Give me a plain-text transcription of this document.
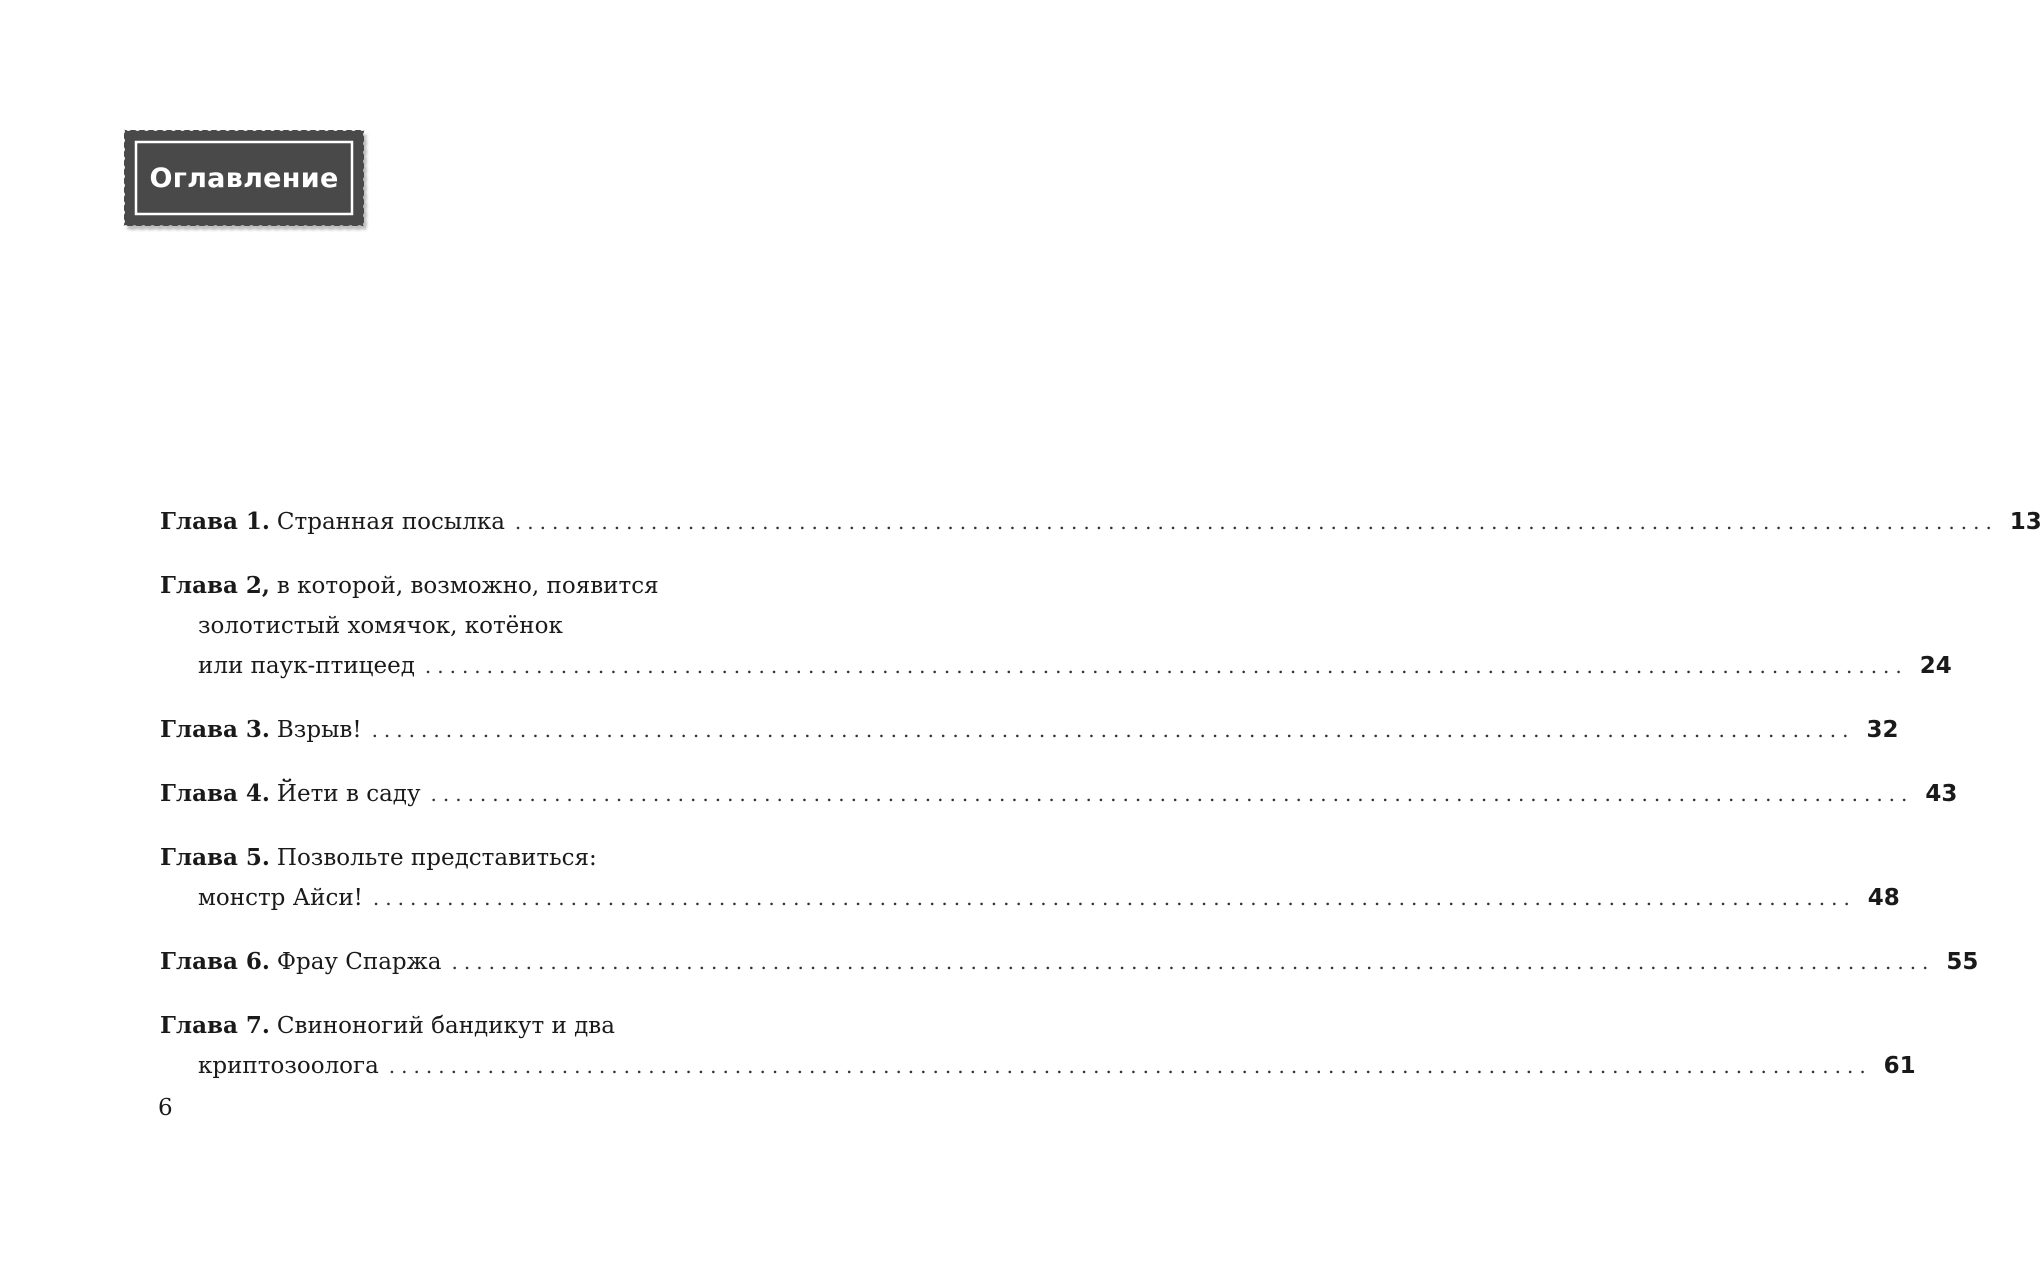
Оглавление
Глава 1. Странная посылка ........................................................................................................................ 13
Глава 2, в которой, возможно, появится
золотистый хомячок, котёнок
или паук-птицеед ........................................................................................................................ 24
Глава 3. Взрыв! ........................................................................................................................ 32
Глава 4. Йети в саду ........................................................................................................................ 43
Глава 5. Позвольте представиться:
монстр Айси! ........................................................................................................................ 48
Глава 6. Фрау Спаржа ........................................................................................................................ 55
Глава 7. Свиноногий бандикут и два
криптозоолога ........................................................................................................................ 61
6
